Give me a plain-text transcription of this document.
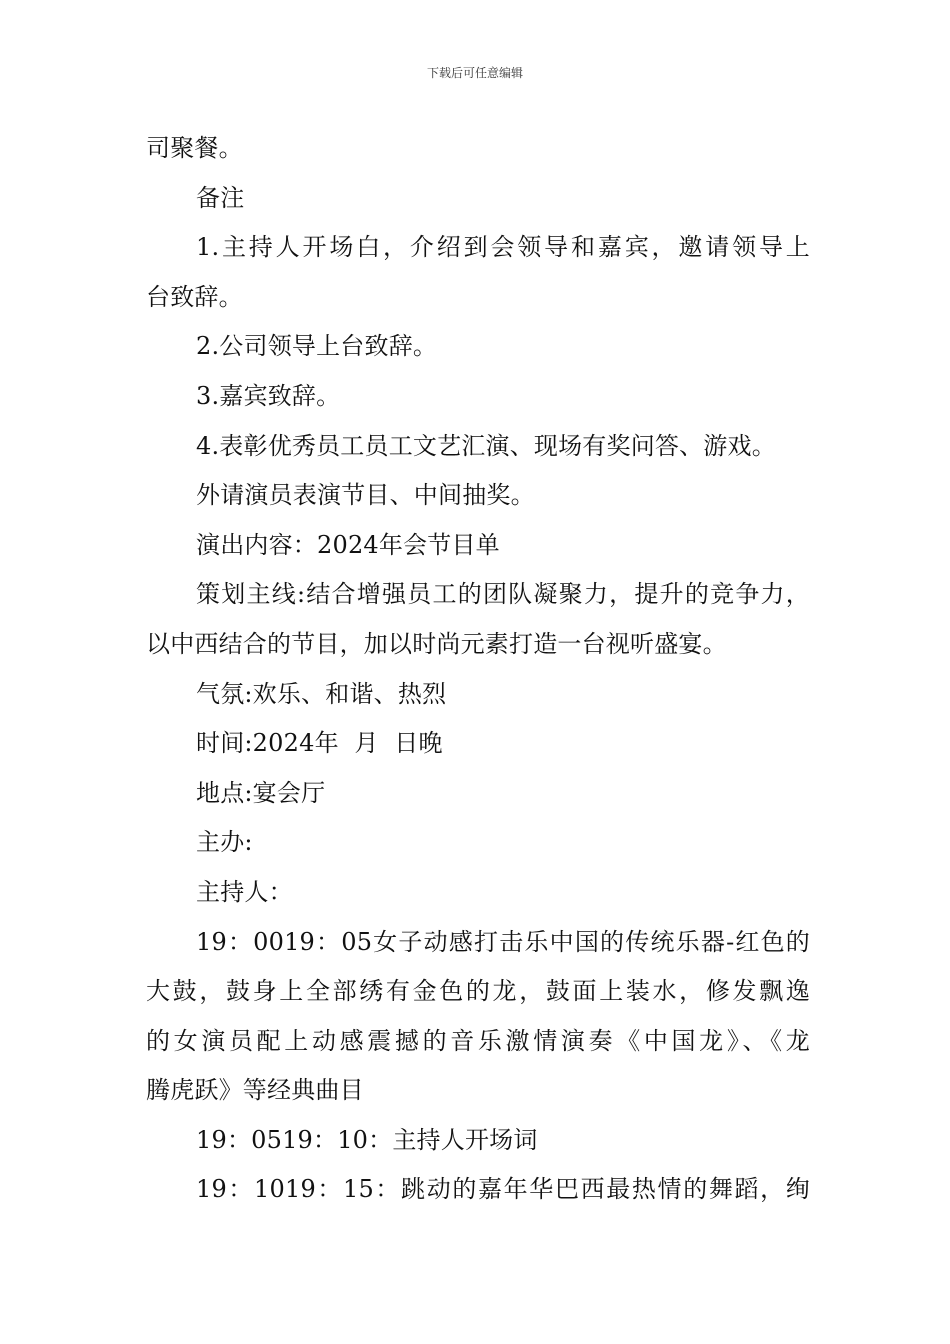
下载后可任意编辑
司聚餐。
备注
1.主持人开场白，介绍到会领导和嘉宾，邀请领导上
台致辞。
2.公司领导上台致辞。
3.嘉宾致辞。
4.表彰优秀员工员工文艺汇演、现场有奖问答、游戏。
外请演员表演节目、中间抽奖。
演出内容：2024年会节目单
策划主线:结合增强员工的团队凝聚力，提升的竞争力，
以中西结合的节目，加以时尚元素打造一台视听盛宴。
气氛:欢乐、和谐、热烈
时间:2024年  月  日晚
地点:宴会厅
主办:
主持人：
19：0019：05女子动感打击乐中国的传统乐器-红色的
大鼓，鼓身上全部绣有金色的龙，鼓面上装水，修发飘逸
的女演员配上动感震撼的音乐激情演奏《中国龙》、《龙
腾虎跃》等经典曲目
19：0519：10：主持人开场词
19：1019：15：跳动的嘉年华巴西最热情的舞蹈，绚
